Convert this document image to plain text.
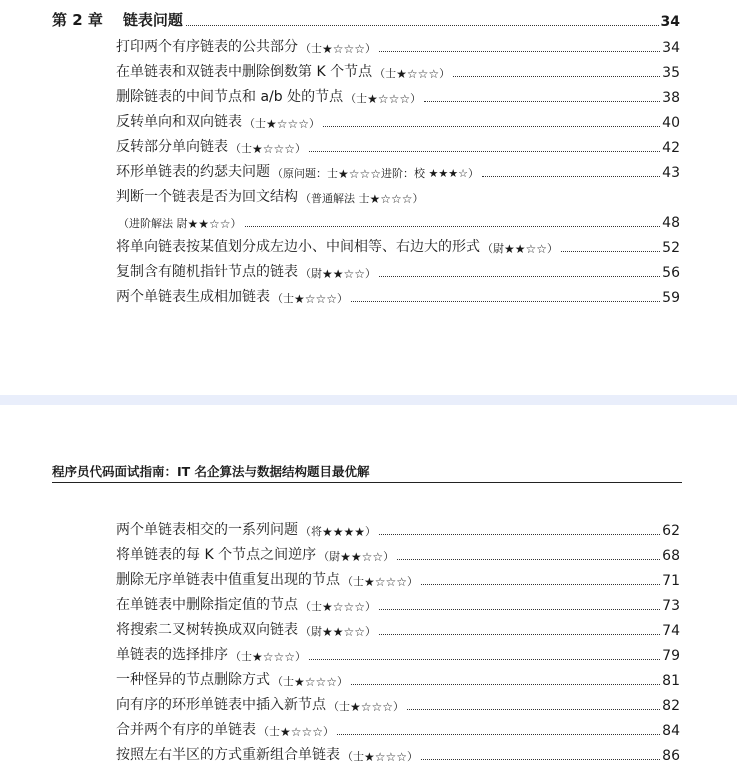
第 2 章 链表问题	34
打印两个有序链表的公共部分 （士 ★☆☆☆ ）	34
在单链表和双链表中删除倒数第 K 个节点 （士 ★☆☆☆ ）	35
删除链表的中间节点和 a/b 处的节点 （士 ★☆☆☆ ）	38
反转单向和双向链表 （士 ★☆☆☆ ）	40
反转部分单向链表 （士 ★☆☆☆ ）	42
环形单链表的约瑟夫问题 （原问题：士 ★☆☆☆ 进阶：校 ★★★☆）	43
判断一个链表是否为回文结构 （普通解法 士 ★☆☆☆ ）
（进阶解法 尉 ★★☆☆ ）	48
将单向链表按某值划分成左边小、中间相等、右边大的形式 （尉 ★★☆☆ ）	52
复制含有随机指针节点的链表 （尉 ★★☆☆ ）	56
两个单链表生成相加链表 （士 ★☆☆☆ ）	59
程序员代码面试指南：IT 名企算法与数据结构题目最优解
两个单链表相交的一系列问题 （将 ★★★★ ）	62
将单链表的每 K 个节点之间逆序 （尉 ★★☆☆ ）	68
删除无序单链表中值重复出现的节点 （士 ★☆☆☆ ）	71
在单链表中删除指定值的节点 （士 ★☆☆☆ ）	73
将搜索二叉树转换成双向链表 （尉 ★★☆☆ ）	74
单链表的选择排序 （士 ★☆☆☆ ）	79
一种怪异的节点删除方式 （士 ★☆☆☆ ）	81
向有序的环形单链表中插入新节点 （士 ★☆☆☆ ）	82
合并两个有序的单链表 （士 ★☆☆☆ ）	84
按照左右半区的方式重新组合单链表 （士 ★☆☆☆ ）	86
